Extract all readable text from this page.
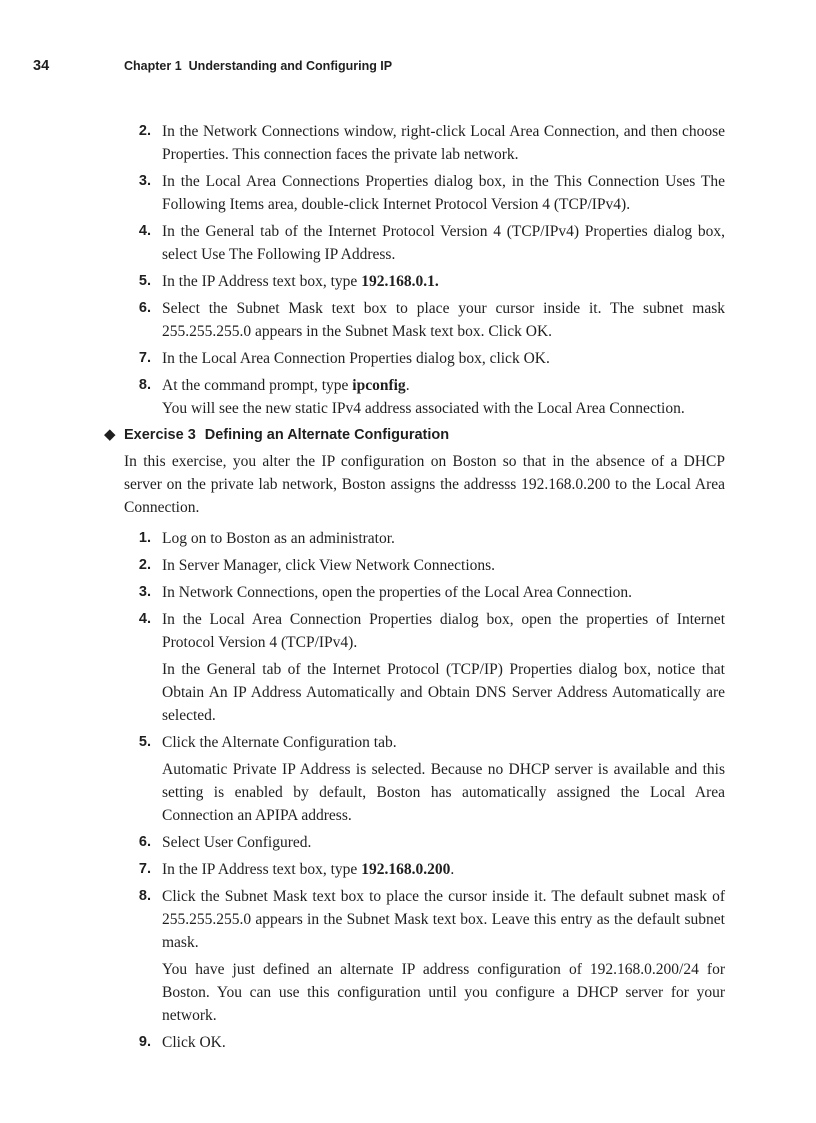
34	Chapter 1 Understanding and Configuring IP
2. In the Network Connections window, right-click Local Area Connection, and then choose Properties. This connection faces the private lab network.
3. In the Local Area Connections Properties dialog box, in the This Connection Uses The Following Items area, double-click Internet Protocol Version 4 (TCP/IPv4).
4. In the General tab of the Internet Protocol Version 4 (TCP/IPv4) Properties dialog box, select Use The Following IP Address.
5. In the IP Address text box, type 192.168.0.1.
6. Select the Subnet Mask text box to place your cursor inside it. The subnet mask 255.255.255.0 appears in the Subnet Mask text box. Click OK.
7. In the Local Area Connection Properties dialog box, click OK.
8. At the command prompt, type ipconfig.

You will see the new static IPv4 address associated with the Local Area Connection.

◆ Exercise 3 Defining an Alternate Configuration

In this exercise, you alter the IP configuration on Boston so that in the absence of a DHCP server on the private lab network, Boston assigns the addresss 192.168.0.200 to the Local Area Connection.

1. Log on to Boston as an administrator.
2. In Server Manager, click View Network Connections.
3. In Network Connections, open the properties of the Local Area Connection.
4. In the Local Area Connection Properties dialog box, open the properties of Internet Protocol Version 4 (TCP/IPv4).

In the General tab of the Internet Protocol (TCP/IP) Properties dialog box, notice that Obtain An IP Address Automatically and Obtain DNS Server Address Automatically are selected.

5. Click the Alternate Configuration tab.

Automatic Private IP Address is selected. Because no DHCP server is available and this setting is enabled by default, Boston has automatically assigned the Local Area Connection an APIPA address.

6. Select User Configured.
7. In the IP Address text box, type 192.168.0.200.
8. Click the Subnet Mask text box to place the cursor inside it. The default subnet mask of 255.255.255.0 appears in the Subnet Mask text box. Leave this entry as the default subnet mask.

You have just defined an alternate IP address configuration of 192.168.0.200/24 for Boston. You can use this configuration until you configure a DHCP server for your network.

9. Click OK.
